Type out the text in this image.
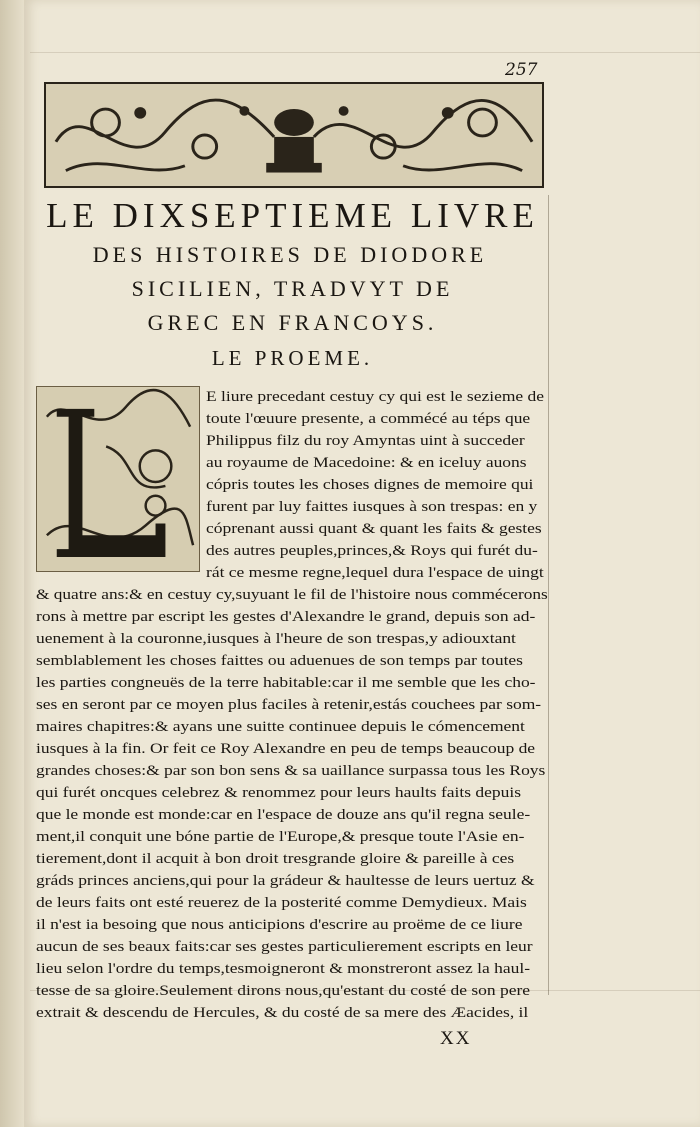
257
LE DIXSEPTIEME LIVRE
DES HISTOIRES DE DIODORE
SICILIEN, TRADVYT DE
GREC EN FRANCOYS.
LE PROEME.
E liure precedant cestuy cy qui est le sezieme de
toute l'œuure presente, a commécé au téps que
Philippus filz du roy Amyntas uint à succeder
au royaume de Macedoine: & en iceluy auons
cópris toutes les choses dignes de memoire qui
furent par luy faittes iusques à son trespas: en y
cóprenant aussi quant & quant les faits & gestes
des autres peuples,princes,& Roys qui furét du-
rát ce mesme regne,lequel dura l'espace de uingt
& quatre ans:& en cestuy cy,suyuant le fil de l'histoire nous commécerons
rons à mettre par escript les gestes d'Alexandre le grand, depuis son ad-
uenement à la couronne,iusques à l'heure de son trespas,y adiouxtant
semblablement les choses faittes ou aduenues de son temps par toutes
les parties congneuës de la terre habitable:car il me semble que les cho-
ses en seront par ce moyen plus faciles à retenir,estás couchees par som-
maires chapitres:& ayans une suitte continuee depuis le cómencement
iusques à la fin. Or feit ce Roy Alexandre en peu de temps beaucoup de
grandes choses:& par son bon sens & sa uaillance surpassa tous les Roys
qui furét oncques celebrez & renommez pour leurs haults faits depuis
que le monde est monde:car en l'espace de douze ans qu'il regna seule-
ment,il conquit une bóne partie de l'Europe,& presque toute l'Asie en-
tierement,dont il acquit à bon droit tresgrande gloire & pareille à ces
gráds princes anciens,qui pour la grádeur & haultesse de leurs uertuz &
de leurs faits ont esté reuerez de la posterité comme Demydieux. Mais
il n'est ia besoing que nous anticipions d'escrire au proëme de ce liure
aucun de ses beaux faits:car ses gestes particulierement escripts en leur
lieu selon l'ordre du temps,tesmoigneront & monstreront assez la haul-
tesse de sa gloire.Seulement dirons nous,qu'estant du costé de son pere
extrait & descendu de Hercules, & du costé de sa mere des Æacides, il
XX
